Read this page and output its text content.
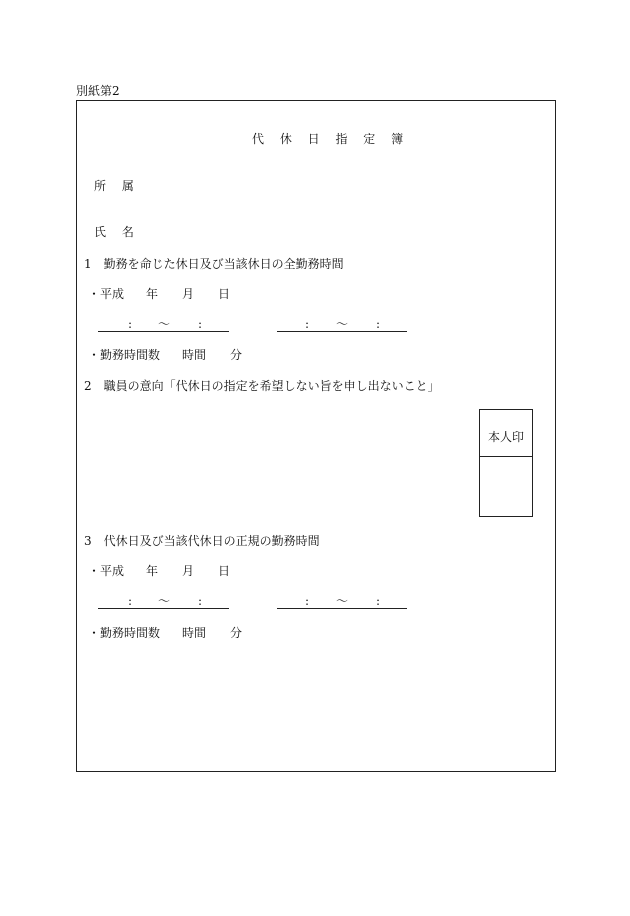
別紙第2
代 休 日 指 定 簿
所　 属
氏　 名
1　勤務を命じた休日及び当該休日の全勤務時間
・平成 年 月 日
: 〜 :	: 〜 :
・勤務時間数 時間 分
2　職員の意向「代休日の指定を希望しない旨を申し出ないこと」
本人印
3　代休日及び当該代休日の正規の勤務時間
・平成 年 月 日
: 〜 :	: 〜 :
・勤務時間数 時間 分
